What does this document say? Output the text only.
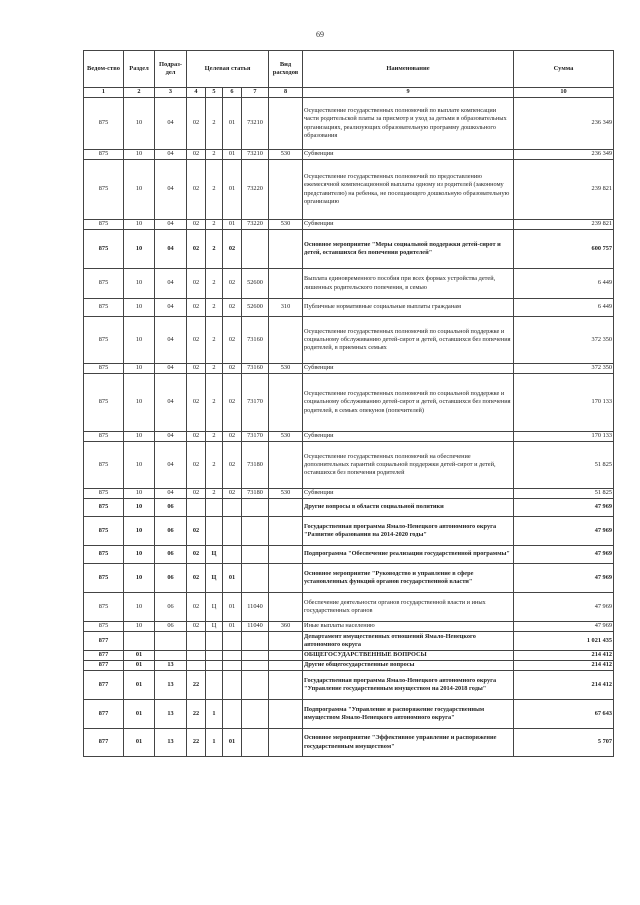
69
Ведом-ство	Раздел	Подраз-дел	Целевая статья				Вид расходов	Наименование	Сумма
1	2	3	4	5	6	7	8	9	10
875	10	04	02	2	01	73210		Осуществление государственных полномочий по выплате компенсации части родительской платы за присмотр и уход за детьми в образовательных организациях, реализующих образовательную программу дошкольного образования	236 349
875	10	04	02	2	01	73210	530	Субвенции	236 349
875	10	04	02	2	01	73220		Осуществление государственных полномочий по предоставлению ежемесячной компенсационной выплаты одному из родителей (законному представителю) на ребенка, не посещающего дошкольную образовательную организацию	239 821
875	10	04	02	2	01	73220	530	Субвенции	239 821
875	10	04	02	2	02			Основное мероприятие "Меры социальной поддержки детей-сирот и детей, оставшихся без попечения родителей"	600 757
875	10	04	02	2	02	52600		Выплата единовременного пособия при всех формах устройства детей, лишенных родительского попечения, в семью	6 449
875	10	04	02	2	02	52600	310	Публичные нормативные социальные выплаты гражданам	6 449
875	10	04	02	2	02	73160		Осуществление государственных полномочий по социальной поддержке и социальному обслуживанию детей-сирот и детей, оставшихся без попечения родителей, в приемных семьях	372 350
875	10	04	02	2	02	73160	530	Субвенции	372 350
875	10	04	02	2	02	73170		Осуществление государственных полномочий по социальной поддержке и социальному обслуживанию детей-сирот и детей, оставшихся без попечения родителей, в семьях опекунов (попечителей)	170 133
875	10	04	02	2	02	73170	530	Субвенции	170 133
875	10	04	02	2	02	73180		Осуществление государственных полномочий на обеспечение дополнительных гарантий социальной поддержки детей-сирот и детей, оставшихся без попечения родителей	51 825
875	10	04	02	2	02	73180	530	Субвенции	51 825
875	10	06						Другие вопросы в области социальной политики	47 969
875	10	06	02					Государственная программа Ямало-Ненецкого автономного округа "Развитие образования на 2014-2020 годы"	47 969
875	10	06	02	Ц				Подпрограмма "Обеспечение реализации государственной программы"	47 969
875	10	06	02	Ц	01			Основное мероприятие "Руководство и управление в сфере установленных функций органов государственной власти"	47 969
875	10	06	02	Ц	01	11040		Обеспечение деятельности органов государственной власти и иных государственных органов	47 969
875	10	06	02	Ц	01	11040	360	Иные выплаты населению	47 969
877								Департамент имущественных отношений Ямало-Ненецкого автономного округа	1 021 435
877	01							ОБЩЕГОСУДАРСТВЕННЫЕ ВОПРОСЫ	214 412
877	01	13						Другие общегосударственные вопросы	214 412
877	01	13	22					Государственная программа Ямало-Ненецкого автономного округа "Управление государственным имуществом на 2014-2018 годы"	214 412
877	01	13	22	1				Подпрограмма "Управление и распоряжение государственным имуществом Ямало-Ненецкого автономного округа"	67 643
877	01	13	22	1	01			Основное мероприятие "Эффективное управление и распоряжение государственным имуществом"	5 707
